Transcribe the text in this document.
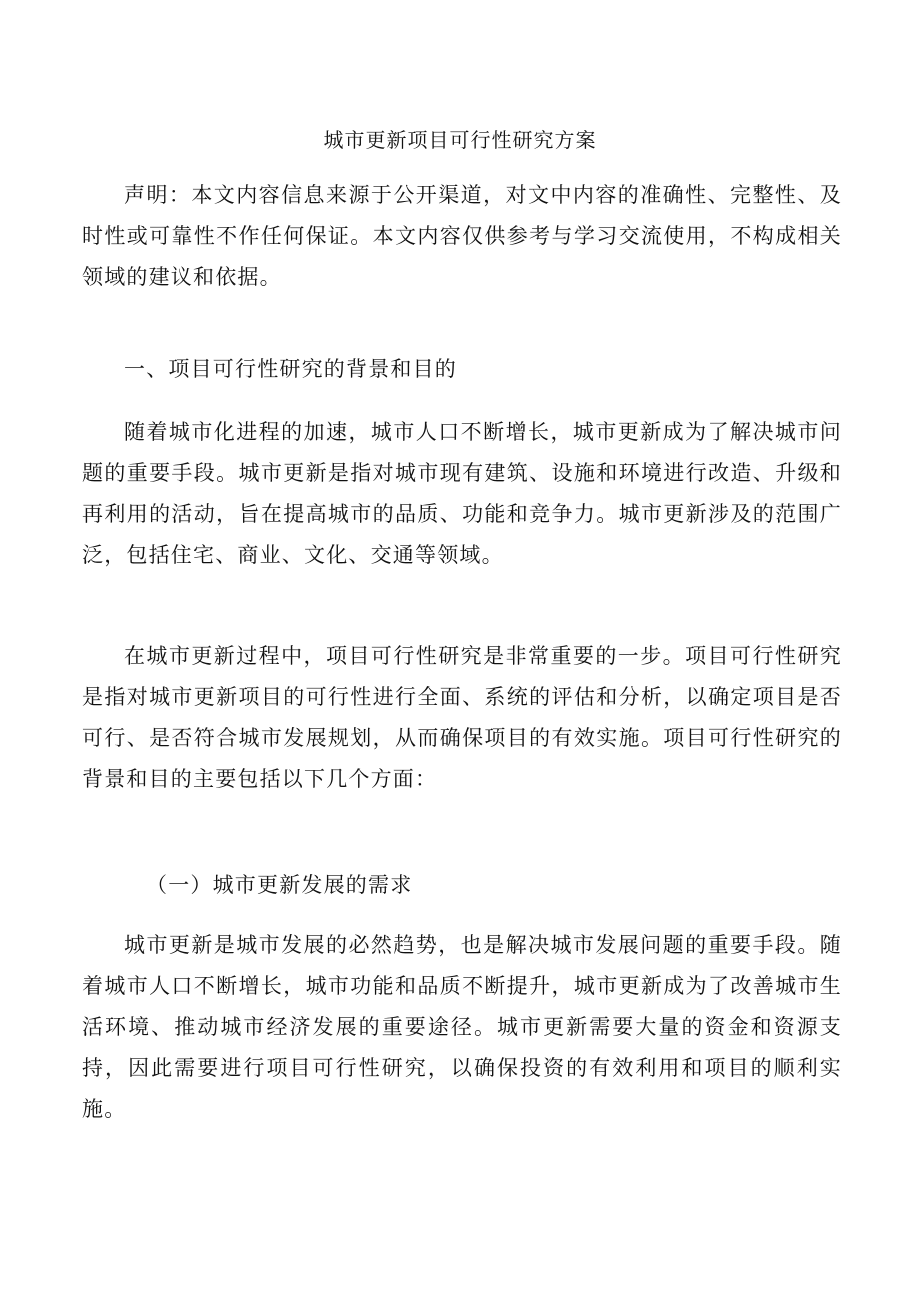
城市更新项目可行性研究方案

声明：本文内容信息来源于公开渠道，对文中内容的准确性、完整性、及时性或可靠性不作任何保证。本文内容仅供参考与学习交流使用，不构成相关领域的建议和依据。

一、项目可行性研究的背景和目的

随着城市化进程的加速，城市人口不断增长，城市更新成为了解决城市问题的重要手段。城市更新是指对城市现有建筑、设施和环境进行改造、升级和再利用的活动，旨在提高城市的品质、功能和竞争力。城市更新涉及的范围广泛，包括住宅、商业、文化、交通等领域。

在城市更新过程中，项目可行性研究是非常重要的一步。项目可行性研究是指对城市更新项目的可行性进行全面、系统的评估和分析，以确定项目是否可行、是否符合城市发展规划，从而确保项目的有效实施。项目可行性研究的背景和目的主要包括以下几个方面：

（一）城市更新发展的需求

城市更新是城市发展的必然趋势，也是解决城市发展问题的重要手段。随着城市人口不断增长，城市功能和品质不断提升，城市更新成为了改善城市生活环境、推动城市经济发展的重要途径。城市更新需要大量的资金和资源支持，因此需要进行项目可行性研究，以确保投资的有效利用和项目的顺利实施。
